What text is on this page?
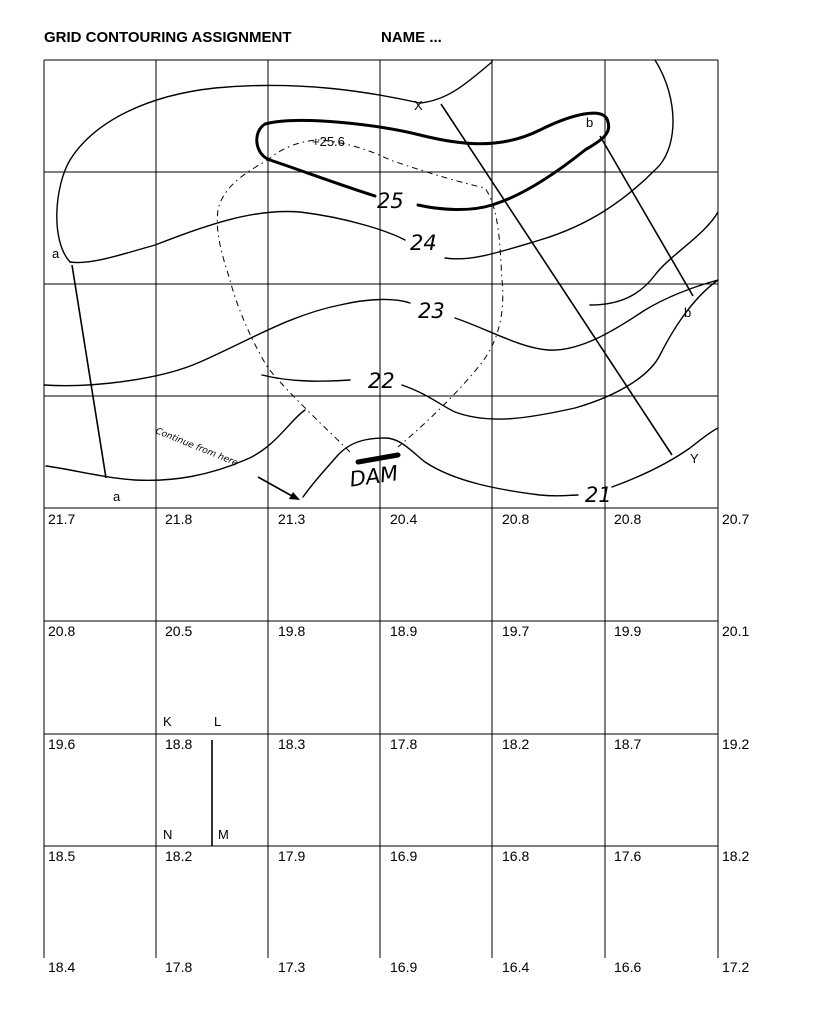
GRID CONTOURING ASSIGNMENT	NAME ...
25
24
23
22
21
+25.6
DAM
Continue from here
X
Y
a
a
b
b
K	L
N	M
21.7	21.8	21.3	20.4	20.8	20.8	20.7
20.8	20.5	19.8	18.9	19.7	19.9	20.1
19.6	18.8	18.3	17.8	18.2	18.7	19.2
18.5	18.2	17.9	16.9	16.8	17.6	18.2
18.4	17.8	17.3	16.9	16.4	16.6	17.2
